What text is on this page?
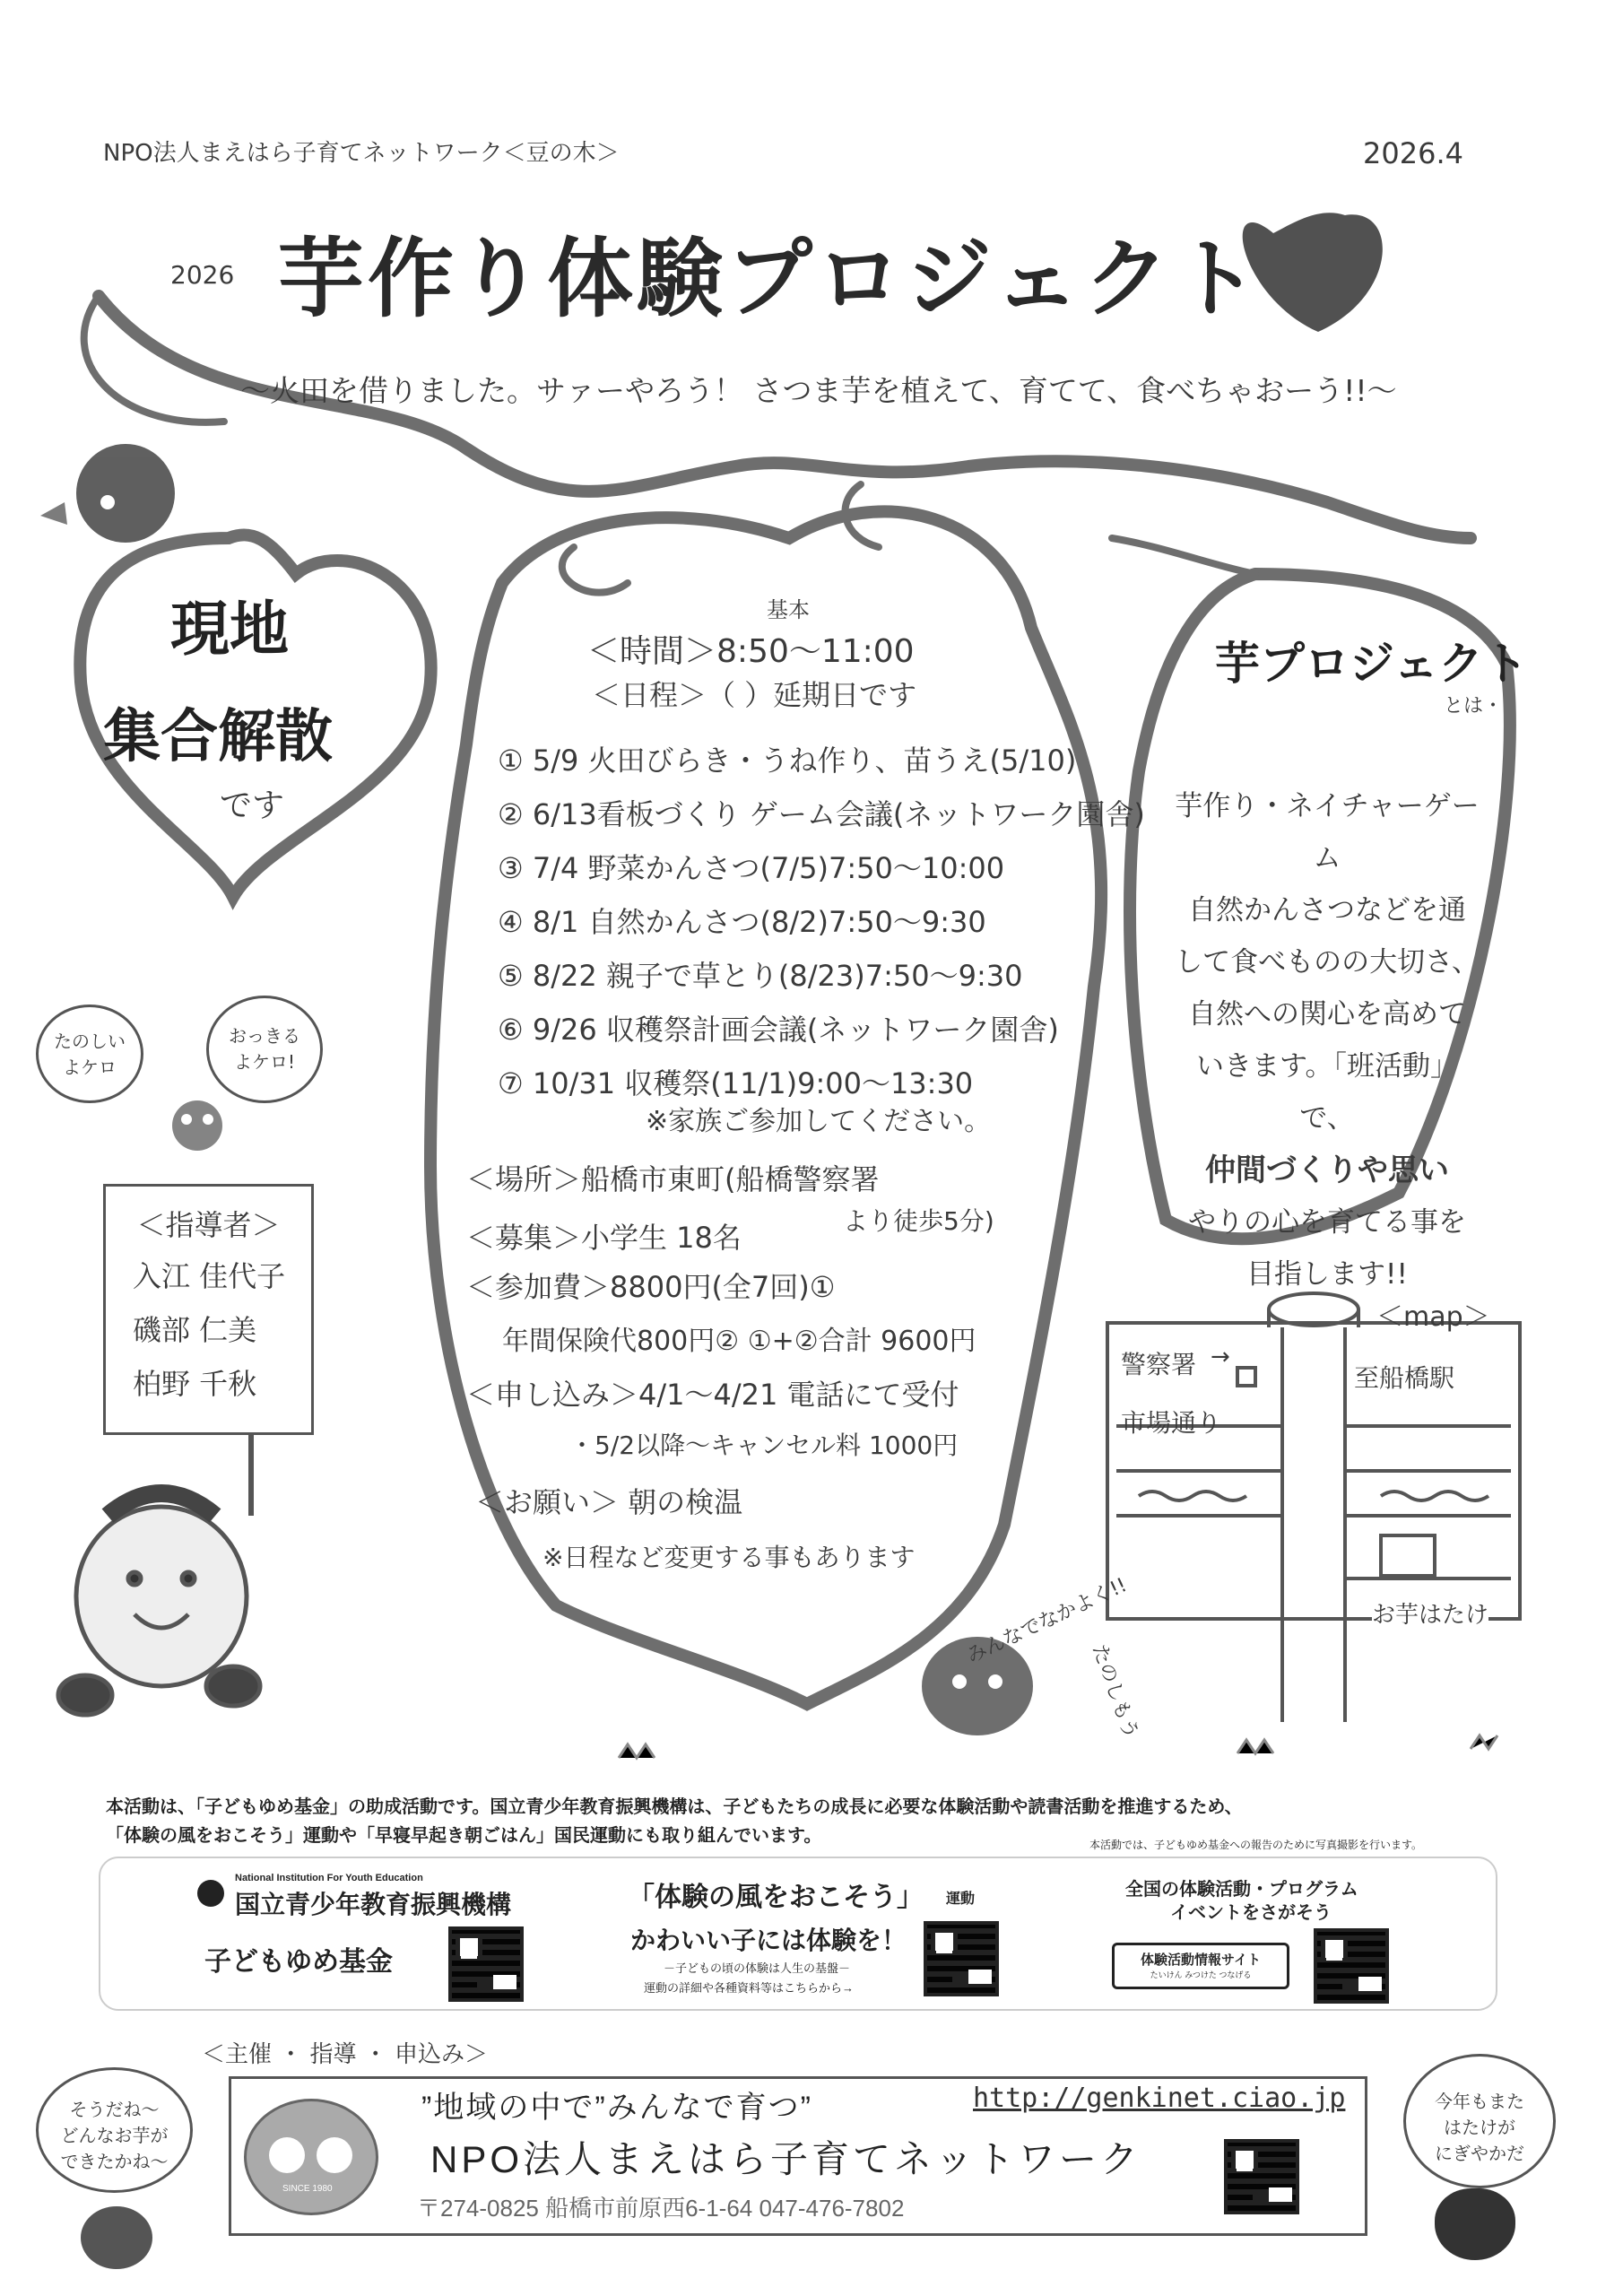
NPO法人まえはら子育てネットワーク＜豆の木＞	2026.4
2026 芋作り体験プロジェクト
〜火田を借りました。サァーやろう！ さつま芋を植えて、育てて、食べちゃおーう!!〜
現地
集合解散
です
基本
＜時間＞8:50〜11:00
＜日程＞（ ）延期日です
① 5/9 火田びらき・うね作り、苗うえ(5/10)
② 6/13看板づくり ゲーム会議(ネットワーク園舎)
③ 7/4 野菜かんさつ(7/5)7:50〜10:00
④ 8/1 自然かんさつ(8/2)7:50〜9:30
⑤ 8/22 親子で草とり(8/23)7:50〜9:30
⑥ 9/26 収穫祭計画会議(ネットワーク園舎)
⑦ 10/31 収穫祭(11/1)9:00〜13:30
※家族ご参加してください。
＜場所＞船橋市東町(船橋警察署
より徒歩5分)
＜募集＞小学生 18名
＜参加費＞8800円(全7回)①
年間保険代800円② ①+②合計 9600円
＜申し込み＞4/1〜4/21 電話にて受付
・5/2以降〜キャンセル料 1000円
＜お願い＞ 朝の検温
※日程など変更する事もあります
芋プロジェクト
とは・
芋作り・ネイチャーゲーム
自然かんさつなどを通
して食べものの大切さ、
自然への関心を高めて
いきます。「班活動」で、
仲間づくりや思い
やりの心を育てる事を
目指します!!
たのしい
よケロ
おっきる
よケロ!
＜指導者＞
入江 佳代子
磯部 仁美
柏野 千秋
＜map＞
警察署 →
至船橋駅
市場通り
お芋はたけ
みんなでなかよく!!
たのしもう
本活動は、「子どもゆめ基金」の助成活動です。国立青少年教育振興機構は、子どもたちの成長に必要な体験活動や読書活動を推進するため、
「体験の風をおこそう」運動や「早寝早起き朝ごはん」国民運動にも取り組んでいます。	本活動では、子どもゆめ基金への報告のために写真撮影を行います。
National Institution For Youth Education
国立青少年教育振興機構
子どもゆめ基金
「体験の風をおこそう」 運動
かわいい子には体験を！
－子どもの頃の体験は人生の基盤－
運動の詳細や各種資料等はこちらから→
全国の体験活動・プログラム
イベントをさがそう
体験活動情報サイト
たいけん みつけた つなげる
＜主催 ・ 指導 ・ 申込み＞
SINCE 1980
”地域の中で”みんなで育つ”	http://genkinet.ciao.jp
NPO法人まえはら子育てネットワーク
〒274-0825 船橋市前原西6-1-64 047-476-7802
そうだね〜
どんなお芋が
できたかね〜
今年もまた
はたけが
にぎやかだ
